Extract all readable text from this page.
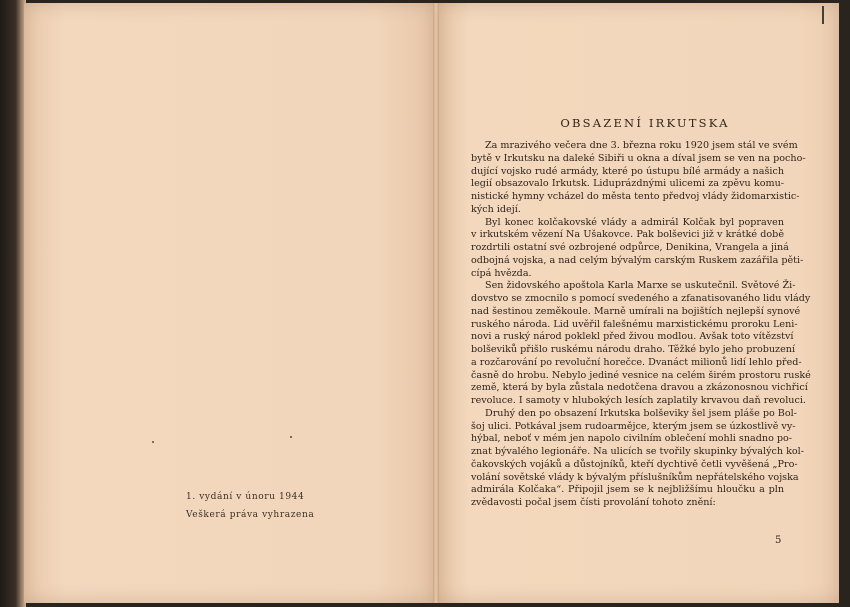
1. vydání v únoru 1944
Veškerá práva vyhrazena
OBSAZENÍ IRKUTSKA
Za mrazivého večera dne 3. března roku 1920 jsem stál ve svém
bytě v Irkutsku na daleké Sibiři u okna a díval jsem se ven na pocho-
dující vojsko rudé armády, které po ústupu bílé armády a našich
legií obsazovalo Irkutsk. Liduprázdnými ulicemi za zpěvu komu-
nistické hymny vcházel do města tento předvoj vlády židomarxistic-
kých idejí.
Byl konec kolčakovské vlády a admirál Kolčak byl popraven
v irkutském vězení Na Ušakovce. Pak bolševici již v krátké době
rozdrtili ostatní své ozbrojené odpůrce, Denikina, Vrangela a jiná
odbojná vojska, a nad celým bývalým carským Ruskem zazářila pěti-
cípá hvězda.
Sen židovského apoštola Karla Marxe se uskutečnil. Světové Ži-
dovstvo se zmocnilo s pomocí svedeného a zfanatisovaného lidu vlády
nad šestinou zeměkoule. Marně umírali na bojištích nejlepší synové
ruského národa. Lid uvěřil falešnému marxistickému proroku Leni-
novi a ruský národ poklekl před živou modlou. Avšak toto vítězství
bolševiků přišlo ruskému národu draho. Těžké bylo jeho probuzení
a rozčarování po revoluční horečce. Dvanáct milionů lidí lehlo před-
časně do hrobu. Nebylo jediné vesnice na celém širém prostoru ruské
země, která by byla zůstala nedotčena dravou a zkázonosnou vichřicí
revoluce. I samoty v hlubokých lesích zaplatily krvavou daň revoluci.
Druhý den po obsazení Irkutska bolševiky šel jsem pláše po Bol-
šoj ulici. Potkával jsem rudoarmějce, kterým jsem se úzkostlivě vy-
hýbal, neboť v mém jen napolo civilním oblečení mohli snadno po-
znat bývalého legionáře. Na ulicích se tvořily skupinky bývalých kol-
čakovských vojáků a důstojníků, kteří dychtivě četli vyvěšená „Pro-
volání sovětské vlády k bývalým příslušníkům nepřátelského vojska
admirála Kolčaka“. Připojil jsem se k nejbližšímu hloučku a pln
zvědavosti počal jsem čísti provolání tohoto znění:
5
